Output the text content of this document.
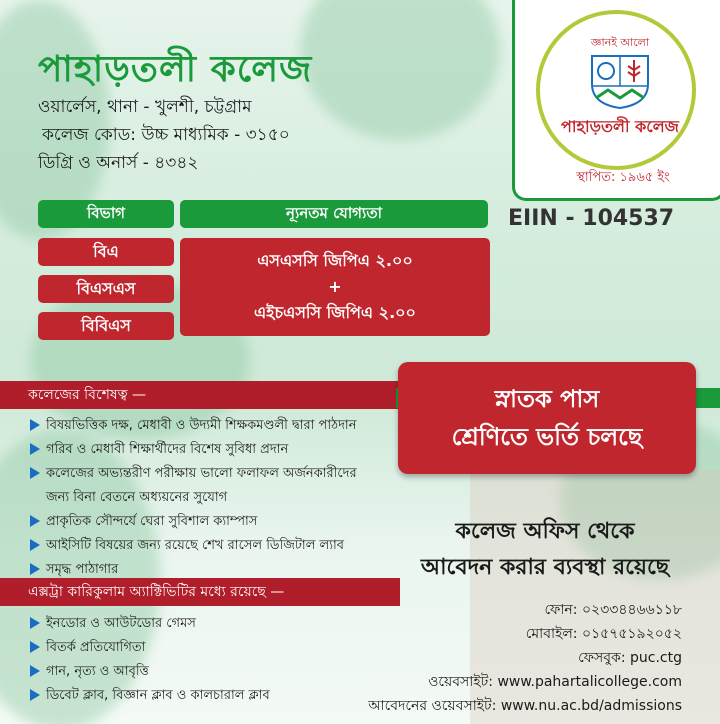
পাহাড়তলী কলেজ
ওয়ার্লেস, থানা - খুলশী, চট্টগ্রাম
কলেজ কোড: উচ্চ মাধ্যমিক - ৩১৫০
ডিগ্রি ও অনার্স - ৪৩৪২
জ্ঞানই আলো
পাহাড়তলী কলেজ
স্থাপিত: ১৯৬৫ ইং
EIIN - 104537
বিভাগ	ন্যূনতম যোগ্যতা
বিএ
বিএসএস
বিবিএস
এসএসসি জিপিএ ২.০০
+
এইচএসসি জিপিএ ২.০০
কলেজের বিশেষত্ব —	স্নাতক পাস
শ্রেণিতে ভর্তি চলছে
বিষয়ভিত্তিক দক্ষ, মেধাবী ও উদ্যমী শিক্ষকমণ্ডলী দ্বারা পাঠদান
গরিব ও মেধাবী শিক্ষার্থীদের বিশেষ সুবিধা প্রদান
কলেজের অভ্যন্তরীণ পরীক্ষায় ভালো ফলাফল অর্জনকারীদের
জন্য বিনা বেতনে অধ্যয়নের সুযোগ
প্রাকৃতিক সৌন্দর্যে ঘেরা সুবিশাল ক্যাম্পাস
আইসিটি বিষয়ের জন্য রয়েছে শেখ রাসেল ডিজিটাল ল্যাব
সমৃদ্ধ পাঠাগার
কলেজ অফিস থেকে
আবেদন করার ব্যবস্থা রয়েছে
এক্সট্রা কারিকুলাম অ্যাক্টিভিটির মধ্যে রয়েছে —
ইনডোর ও আউটডোর গেমস
বিতর্ক প্রতিযোগিতা
গান, নৃত্য ও আবৃত্তি
ডিবেট ক্লাব, বিজ্ঞান ক্লাব ও কালচারাল ক্লাব
ফোন: ০২৩৩৪৪৬৬১১৮
মোবাইল: ০১৫৭৫১৯২০৫২
ফেসবুক: puc.ctg
ওয়েবসাইট: www.pahartalicollege.com
আবেদনের ওয়েবসাইট: www.nu.ac.bd/admissions
